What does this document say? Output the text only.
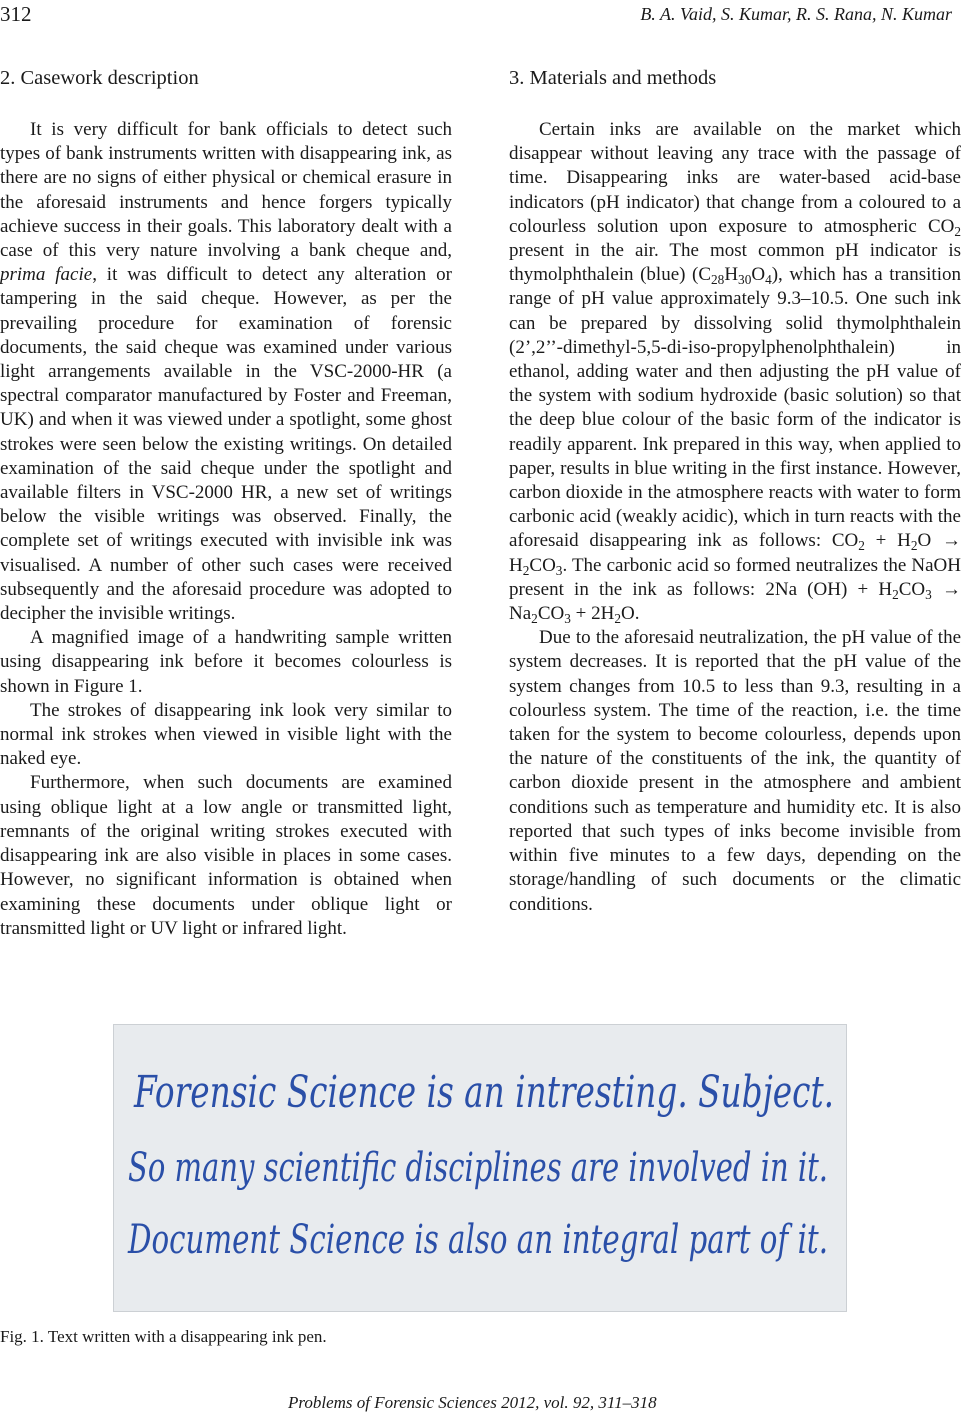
312	B. A. Vaid, S. Kumar, R. S. Rana, N. Kumar
2. Casework description

It is very difficult for bank officials to detect such types of bank instruments written with disappearing ink, as there are no signs of either physical or chemical erasure in the aforesaid instruments and hence forgers typically achieve success in their goals. This laboratory dealt with a case of this very nature involving a bank cheque and, prima facie, it was difficult to detect any alteration or tampering in the said cheque. However, as per the prevailing procedure for examination of forensic documents, the said cheque was examined under various light arrangements available in the VSC-2000-HR (a spectral comparator manufactured by Foster and Freeman, UK) and when it was viewed under a spotlight, some ghost strokes were seen below the existing writings. On detailed examination of the said cheque under the spotlight and available filters in VSC-2000 HR, a new set of writings below the visible writings was observed. Finally, the complete set of writings executed with invisible ink was visualised. A number of other such cases were received subsequently and the aforesaid procedure was adopted to decipher the invisible writings.

A magnified image of a handwriting sample written using disappearing ink before it becomes colourless is shown in Figure 1.

The strokes of disappearing ink look very similar to normal ink strokes when viewed in visible light with the naked eye.

Furthermore, when such documents are examined using oblique light at a low angle or transmitted light, remnants of the original writing strokes executed with disappearing ink are also visible in places in some cases. However, no significant information is obtained when examining these documents under oblique light or transmitted light or UV light or infrared light.

3. Materials and methods

Certain inks are available on the market which disappear without leaving any trace with the passage of time. Disappearing inks are water-based acid-base indicators (pH indicator) that change from a coloured to a colourless solution upon exposure to atmospheric $CO_2$ present in the air. The most common pH indicator is thymolphthalein (blue) $(C_{28}H_{30}O_4)$, which has a transition range of pH value approximately 9.3–10.5. One such ink can be prepared by dissolving solid thymolphthalein (2’,2’’-dimethyl-5,5-di-iso-propylphenolphthalein) in ethanol, adding water and then adjusting the pH value of the system with sodium hydroxide (basic solution) so that the deep blue colour of the basic form of the indicator is readily apparent. Ink prepared in this way, when applied to paper, results in blue writing in the first instance. However, carbon dioxide in the atmosphere reacts with water to form carbonic acid (weakly acidic), which in turn reacts with the aforesaid disappearing ink as follows: $CO_2 + H_2O \to H_2CO_3$. The carbonic acid so formed neutralizes the NaOH present in the ink as follows: 2Na $(OH) + H_2CO_3 \to Na_2CO_3 + 2H_2O$.

Due to the aforesaid neutralization, the pH value of the system decreases. It is reported that the pH value of the system changes from 10.5 to less than 9.3, resulting in a colourless system. The time of the reaction, i.e. the time taken for the system to become colourless, depends upon the nature of the constituents of the ink, the quantity of carbon dioxide present in the atmosphere and ambient conditions such as temperature and humidity etc. It is also reported that such types of inks become invisible from within five minutes to a few days, depending on the storage/handling of such documents or the climatic conditions.

Forensic Science is an intresting. Subject.
So many scientific disciplines are involved in it.
Document Science is also an integral part of it.
Fig. 1. Text written with a disappearing ink pen.
Problems of Forensic Sciences 2012, vol. 92, 311–318
